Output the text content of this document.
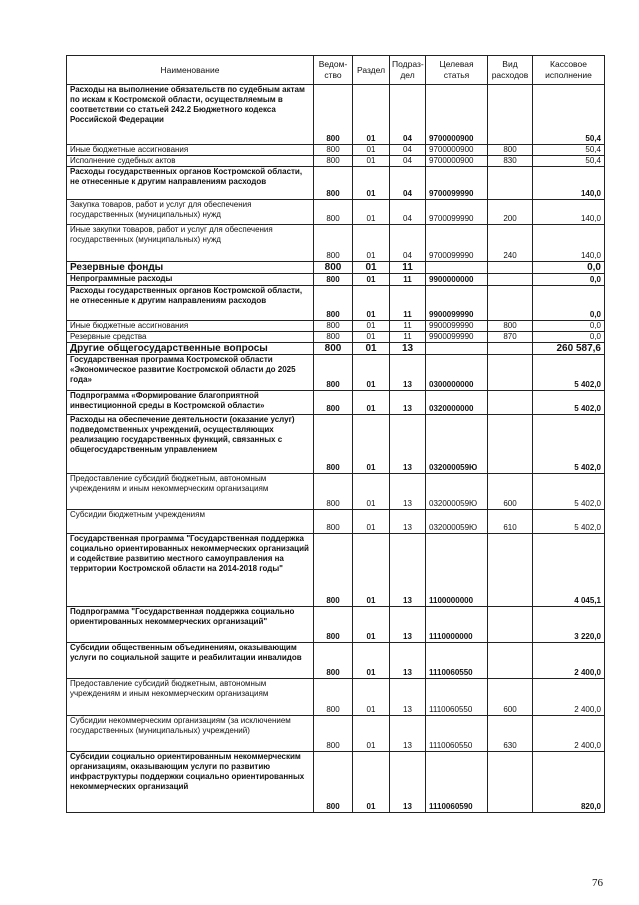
Наименование	Ведом-ство	Раздел	Подраз-дел	Целевая статья	Вид расходов	Кассовое исполнение
Расходы на выполнение обязательств по судебным актам по искам к Костромской области, осуществляемым в соответствии со статьей 242.2 Бюджетного кодекса Российской Федерации	800	01	04	9700000900		50,4
Иные бюджетные ассигнования	800	01	04	9700000900	800	50,4
Исполнение судебных актов	800	01	04	9700000900	830	50,4
Расходы государственных органов Костромской области, не отнесенные к другим направлениям расходов	800	01	04	9700099990		140,0
Закупка товаров, работ и услуг для обеспечения государственных (муниципальных) нужд	800	01	04	9700099990	200	140,0
Иные закупки товаров, работ и услуг для обеспечения государственных (муниципальных) нужд	800	01	04	9700099990	240	140,0
Резервные фонды	800	01	11			0,0
Непрограммные расходы	800	01	11	9900000000		0,0
Расходы государственных органов Костромской области, не отнесенные к другим направлениям расходов	800	01	11	9900099990		0,0
Иные бюджетные ассигнования	800	01	11	9900099990	800	0,0
Резервные средства	800	01	11	9900099990	870	0,0
Другие общегосударственные вопросы	800	01	13			260 587,6
Государственная программа Костромской области «Экономическое развитие Костромской области до 2025 года»	800	01	13	0300000000		5 402,0
Подпрограмма «Формирование благоприятной инвестиционной среды в Костромской области»	800	01	13	0320000000		5 402,0
Расходы на обеспечение деятельности (оказание услуг) подведомственных учреждений, осуществляющих реализацию государственных функций, связанных с общегосударственным управлением	800	01	13	032000059Ю		5 402,0
Предоставление субсидий бюджетным, автономным учреждениям и иным некоммерческим организациям	800	01	13	032000059Ю	600	5 402,0
Субсидии бюджетным учреждениям	800	01	13	032000059Ю	610	5 402,0
Государственная программа "Государственная поддержка социально ориентированных некоммерческих организаций и содействие развитию местного самоуправления на территории Костромской области на 2014-2018 годы"	800	01	13	1100000000		4 045,1
Подпрограмма "Государственная поддержка социально ориентированных некоммерческих организаций"	800	01	13	1110000000		3 220,0
Субсидии общественным объединениям, оказывающим услуги по социальной защите и реабилитации инвалидов	800	01	13	1110060550		2 400,0
Предоставление субсидий бюджетным, автономным учреждениям и иным некоммерческим организациям	800	01	13	1110060550	600	2 400,0
Субсидии некоммерческим организациям (за исключением государственных (муниципальных) учреждений)	800	01	13	1110060550	630	2 400,0
Субсидии социально ориентированным некоммерческим организациям, оказывающим услуги по развитию инфраструктуры поддержки социально ориентированных некоммерческих организаций	800	01	13	1110060590		820,0
76
